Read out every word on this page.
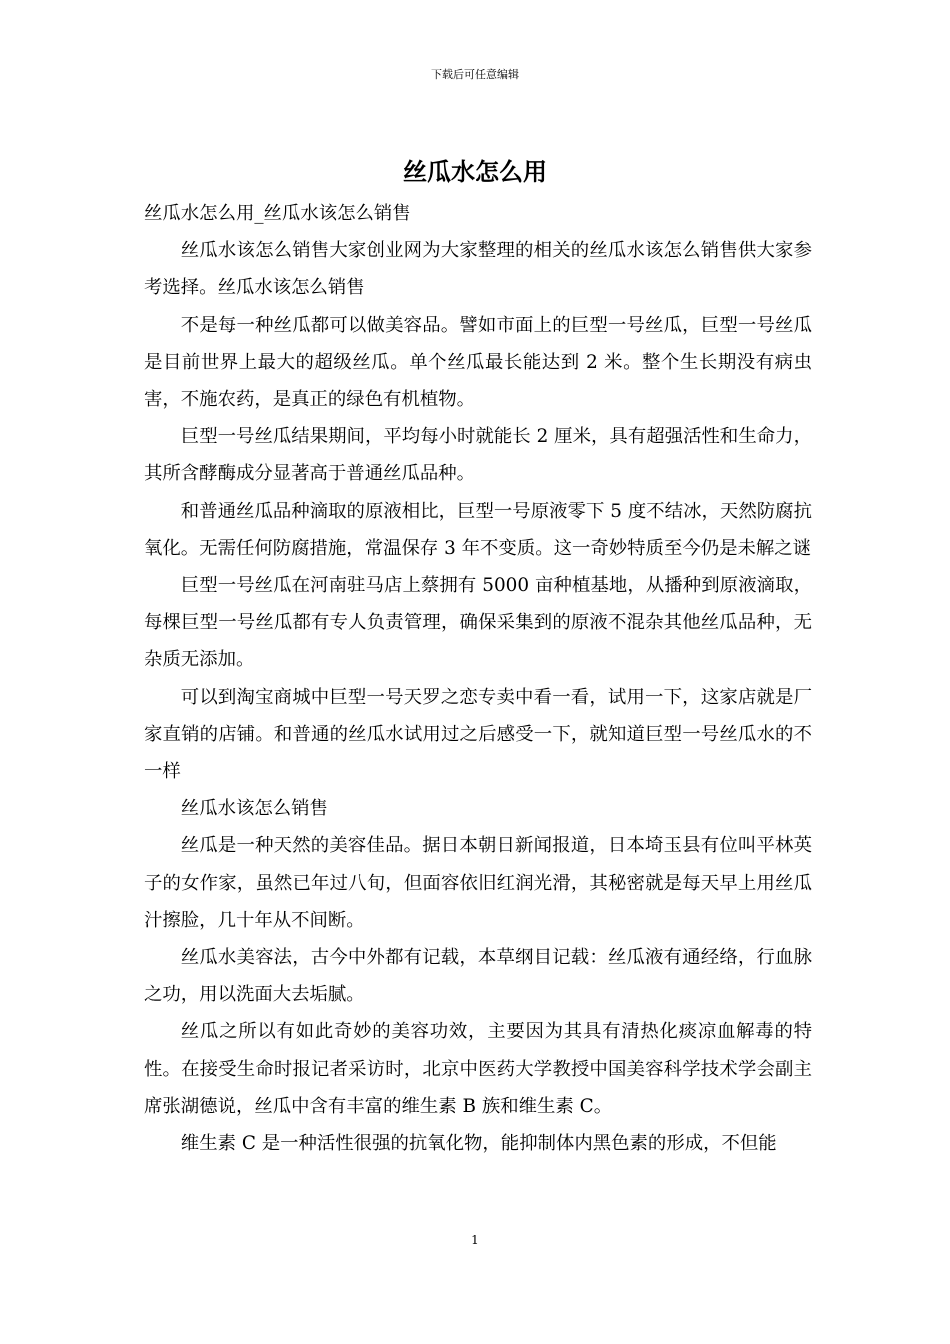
下载后可任意编辑
丝瓜水怎么用

丝瓜水怎么用_丝瓜水该怎么销售

丝瓜水该怎么销售大家创业网为大家整理的相关的丝瓜水该怎么销售供大家参考选择。丝瓜水该怎么销售

不是每一种丝瓜都可以做美容品。譬如市面上的巨型一号丝瓜，巨型一号丝瓜是目前世界上最大的超级丝瓜。单个丝瓜最长能达到 2 米。整个生长期没有病虫害，不施农药，是真正的绿色有机植物。

巨型一号丝瓜结果期间，平均每小时就能长 2 厘米，具有超强活性和生命力，其所含酵酶成分显著高于普通丝瓜品种。

和普通丝瓜品种滴取的原液相比，巨型一号原液零下 5 度不结冰，天然防腐抗氧化。无需任何防腐措施，常温保存 3 年不变质。这一奇妙特质至今仍是未解之谜

巨型一号丝瓜在河南驻马店上蔡拥有 5000 亩种植基地，从播种到原液滴取，每棵巨型一号丝瓜都有专人负责管理，确保采集到的原液不混杂其他丝瓜品种，无杂质无添加。

可以到淘宝商城中巨型一号天罗之恋专卖中看一看，试用一下，这家店就是厂家直销的店铺。和普通的丝瓜水试用过之后感受一下，就知道巨型一号丝瓜水的不一样

丝瓜水该怎么销售

丝瓜是一种天然的美容佳品。据日本朝日新闻报道，日本埼玉县有位叫平林英子的女作家，虽然已年过八旬，但面容依旧红润光滑，其秘密就是每天早上用丝瓜汁擦脸，几十年从不间断。

丝瓜水美容法，古今中外都有记载，本草纲目记载：丝瓜液有通经络，行血脉之功，用以洗面大去垢腻。

丝瓜之所以有如此奇妙的美容功效，主要因为其具有清热化痰凉血解毒的特性。在接受生命时报记者采访时，北京中医药大学教授中国美容科学技术学会副主席张湖德说，丝瓜中含有丰富的维生素 B 族和维生素 C。

维生素 C 是一种活性很强的抗氧化物，能抑制体内黑色素的形成，不但能

1
